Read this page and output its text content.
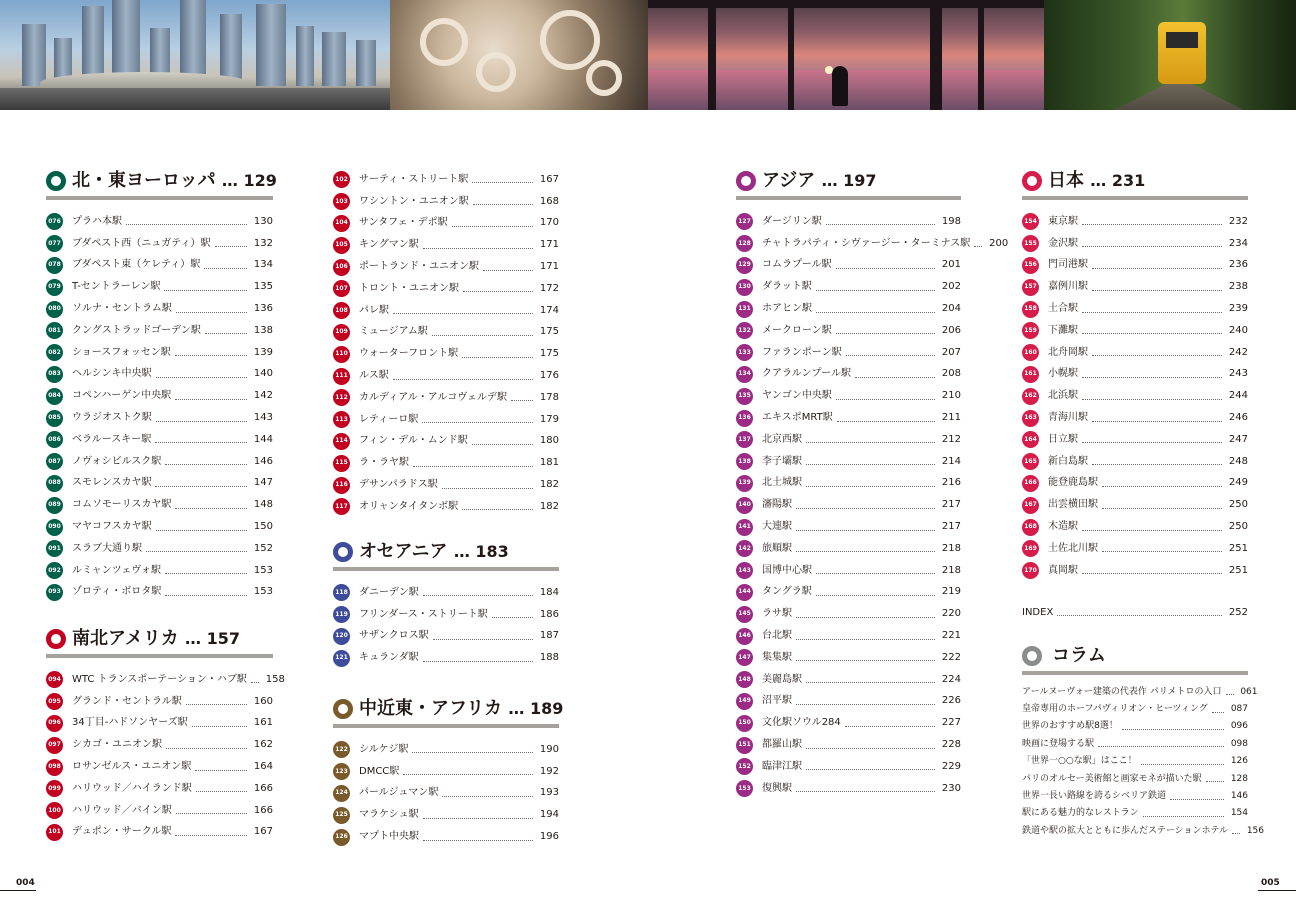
北・東ヨーロッパ … 129
076 プラハ本駅	130
077 ブダペスト西（ニュガティ）駅	132
078 ブダペスト東（ケレティ）駅	134
079 T-セントラーレン駅	135
080 ソルナ・セントラム駅	136
081 クングストラッドゴーデン駅	138
082 ショースフォッセン駅	139
083 ヘルシンキ中央駅	140
084 コペンハーゲン中央駅	142
085 ウラジオストク駅	143
086 ベラルースキー駅	144
087 ノヴォシビルスク駅	146
088 スモレンスカヤ駅	147
089 コムソモーリスカヤ駅	148
090 マヤコフスカヤ駅	150
091 スラブ大通り駅	152
092 ルミャンツェヴォ駅	153
093 ゾロティ・ボロタ駅	153
南北アメリカ … 157
094 WTC トランスポーテーション・ハブ駅 158
095 グランド・セントラル駅	160
096 34丁目-ハドソンヤーズ駅	161
097 シカゴ・ユニオン駅	162
098 ロサンゼルス・ユニオン駅	164
099 ハリウッド／ハイランド駅	166
100 ハリウッド／バイン駅	166
101 デュポン・サークル駅	167
102 サーティ・ストリート駅	167
103 ワシントン・ユニオン駅	168
104 サンタフェ・デポ駅	170
105 キングマン駅	171
106 ポートランド・ユニオン駅	171
107 トロント・ユニオン駅	172
108 パレ駅	174
109 ミュージアム駅	175
110 ウォーターフロント駅	175
111 ルス駅	176
112 カルディアル・アルコヴェルデ駅	178
113 レティーロ駅	179
114 フィン・デル・ムンド駅	180
115 ラ・ラヤ駅	181
116 デサンパラドス駅	182
117 オリャンタイタンボ駅	182
オセアニア … 183
118 ダニーデン駅	184
119 フリンダース・ストリート駅	186
120 サザンクロス駅	187
121 キュランダ駅	188
中近東・アフリカ … 189
122 シルケジ駅	190
123 DMCC駅	192
124 パールジュマン駅	193
125 マラケシュ駅	194
126 マプト中央駅	196
アジア … 197
127 ダージリン駅	198
128 チャトラパティ・シヴァージー・ターミナス駅 200
129 コムラプール駅	201
130 ダラット駅	202
131 ホアヒン駅	204
132 メークローン駅	206
133 ファランポーン駅	207
134 クアラルンプール駅	208
135 ヤンゴン中央駅	210
136 エキスポMRT駅	211
137 北京西駅	212
138 李子壩駅	214
139 北土城駅	216
140 瀋陽駅	217
141 大連駅	217
142 旅順駅	218
143 国博中心駅	218
144 タングラ駅	219
145 ラサ駅	220
146 台北駅	221
147 集集駅	222
148 美麗島駅	224
149 沼平駅	226
150 文化駅ソウル284	227
151 都羅山駅	228
152 臨津江駅	229
153 復興駅	230
日本 … 231
154 東京駅	232
155 金沢駅	234
156 門司港駅	236
157 嘉例川駅	238
158 土合駅	239
159 下灘駅	240
160 北舟岡駅	242
161 小幌駅	243
162 北浜駅	244
163 青海川駅	246
164 日立駅	247
165 新白島駅	248
166 能登鹿島駅	249
167 出雲横田駅	250
168 木造駅	250
169 土佐北川駅	251
170 真岡駅	251
INDEX	252
コラム
アールヌーヴォー建築の代表作 パリメトロの入口	061
皇帝専用のホーフパヴィリオン・ヒーツィング	087
世界のおすすめ駅8選！	096
映画に登場する駅	098
「世界一○○な駅」はここ！	126
パリのオルセー美術館と画家モネが描いた駅	128
世界一長い路線を誇るシベリア鉄道	146
駅にある魅力的なレストラン	154
鉄道や駅の拡大とともに歩んだステーションホテル	156
004	005
